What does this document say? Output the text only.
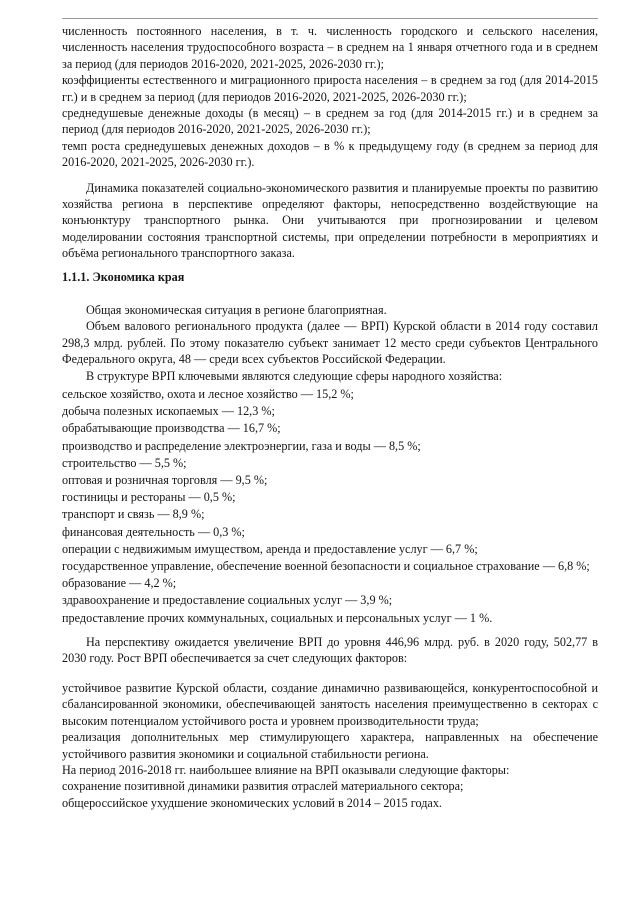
численность постоянного населения, в т. ч. численность городского и сельского населения, численность населения трудоспособного возраста – в среднем на 1 января отчетного года и в среднем за период (для периодов 2016-2020, 2021-2025, 2026-2030 гг.);

коэффициенты естественного и миграционного прироста населения – в среднем за год (для 2014-2015 гг.) и в среднем за период (для периодов 2016-2020, 2021-2025, 2026-2030 гг.);

среднедушевые денежные доходы (в месяц) – в среднем за год (для 2014-2015 гг.) и в среднем за период (для периодов 2016-2020, 2021-2025, 2026-2030 гг.);

темп роста среднедушевых денежных доходов – в % к предыдущему году (в среднем за период для 2016-2020, 2021-2025, 2026-2030 гг.).

Динамика показателей социально-экономического развития и планируемые проекты по развитию хозяйства региона в перспективе определяют факторы, непосредственно воздействующие на конъюнктуру транспортного рынка. Они учитываются при прогнозировании и целевом моделировании состояния транспортной системы, при определении потребности в мероприятиях и объёма регионального транспортного заказа.

1.1.1. Экономика края

Общая экономическая ситуация в регионе благоприятная.

Объем валового регионального продукта (далее — ВРП) Курской области в 2014 году составил 298,3 млрд. рублей. По этому показателю субъект занимает 12 место среди субъектов Центрального Федерального округа, 48 — среди всех субъектов Российской Федерации.

В структуре ВРП ключевыми являются следующие сферы народного хозяйства:

сельское хозяйство, охота и лесное хозяйство — 15,2 %;

добыча полезных ископаемых — 12,3 %;

обрабатывающие производства — 16,7 %;

производство и распределение электроэнергии, газа и воды — 8,5 %;

строительство — 5,5 %;

оптовая и розничная торговля — 9,5 %;

гостиницы и рестораны — 0,5 %;

транспорт и связь — 8,9 %;

финансовая деятельность — 0,3 %;

операции с недвижимым имуществом, аренда и предоставление услуг — 6,7 %;

государственное управление, обеспечение военной безопасности и социальное страхование — 6,8 %;

образование — 4,2 %;

здравоохранение и предоставление социальных услуг — 3,9 %;

предоставление прочих коммунальных, социальных и персональных услуг — 1 %.

На перспективу ожидается увеличение ВРП до уровня 446,96 млрд. руб. в 2020 году, 502,77 в 2030 году. Рост ВРП обеспечивается за счет следующих факторов:

устойчивое развитие Курской области, создание динамично развивающейся, конкурентоспособной и сбалансированной экономики, обеспечивающей занятость населения преимущественно в секторах с высоким потенциалом устойчивого роста и уровнем производительности труда;

реализация дополнительных мер стимулирующего характера, направленных на обеспечение устойчивого развития экономики и социальной стабильности региона.

На период 2016-2018 гг. наибольшее влияние на ВРП оказывали следующие факторы:

сохранение позитивной динамики развития отраслей материального сектора;

общероссийское ухудшение экономических условий в 2014 – 2015 годах.
